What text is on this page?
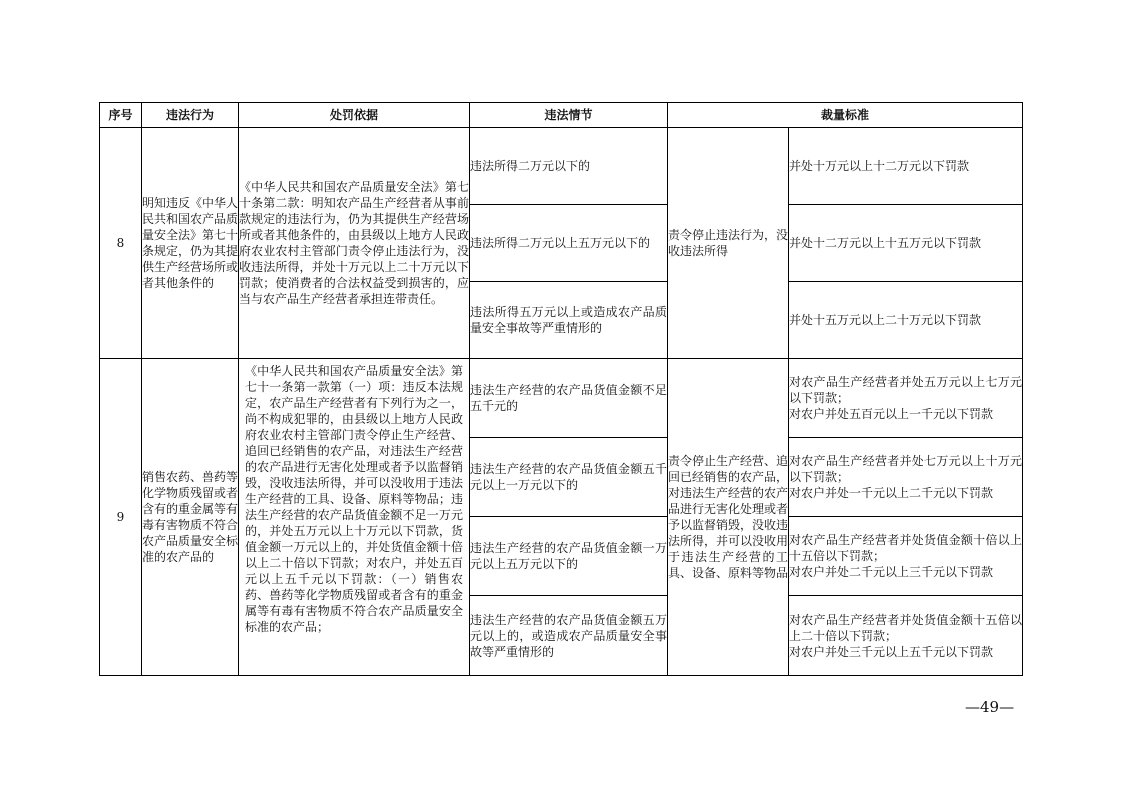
序号	违法行为	处罚依据	违法情节	裁量标准	
8	明知违反《中华人民共和国农产品质量安全法》第七十条规定，仍为其提供生产经营场所或者其他条件的	《中华人民共和国农产品质量安全法》第七十条第二款：明知农产品生产经营者从事前款规定的违法行为，仍为其提供生产经营场所或者其他条件的，由县级以上地方人民政府农业农村主管部门责令停止违法行为，没收违法所得，并处十万元以上二十万元以下罚款；使消费者的合法权益受到损害的，应当与农产品生产经营者承担连带责任。	违法所得二万元以下的	责令停止违法行为，没收违法所得	并处十万元以上十二万元以下罚款
			违法所得二万元以上五万元以下的		并处十二万元以上十五万元以下罚款
			违法所得五万元以上或造成农产品质量安全事故等严重情形的		并处十五万元以上二十万元以下罚款
9	销售农药、兽药等化学物质残留或者含有的重金属等有毒有害物质不符合农产品质量安全标准的农产品的	《中华人民共和国农产品质量安全法》第七十一条第一款第（一）项：违反本法规定，农产品生产经营者有下列行为之一，尚不构成犯罪的，由县级以上地方人民政府农业农村主管部门责令停止生产经营、追回已经销售的农产品，对违法生产经营的农产品进行无害化处理或者予以监督销毁，没收违法所得，并可以没收用于违法生产经营的工具、设备、原料等物品；违法生产经营的农产品货值金额不足一万元的，并处五万元以上十万元以下罚款，货值金额一万元以上的，并处货值金额十倍以上二十倍以下罚款；对农户，并处五百元以上五千元以下罚款：（一）销售农药、兽药等化学物质残留或者含有的重金属等有毒有害物质不符合农产品质量安全标准的农产品；	违法生产经营的农产品货值金额不足五千元的	责令停止生产经营、追回已经销售的农产品，对违法生产经营的农产品进行无害化处理或者予以监督销毁，没收违法所得，并可以没收用于违法生产经营的工具、设备、原料等物品	对农产品生产经营者并处五万元以上七万元以下罚款；
对农户并处五百元以上一千元以下罚款
			违法生产经营的农产品货值金额五千元以上一万元以下的		对农产品生产经营者并处七万元以上十万元以下罚款；
对农户并处一千元以上二千元以下罚款
			违法生产经营的农产品货值金额一万元以上五万元以下的		对农产品生产经营者并处货值金额十倍以上十五倍以下罚款；
对农户并处二千元以上三千元以下罚款
			违法生产经营的农产品货值金额五万元以上的，或造成农产品质量安全事故等严重情形的		对农产品生产经营者并处货值金额十五倍以上二十倍以下罚款；
对农户并处三千元以上五千元以下罚款
—49—
